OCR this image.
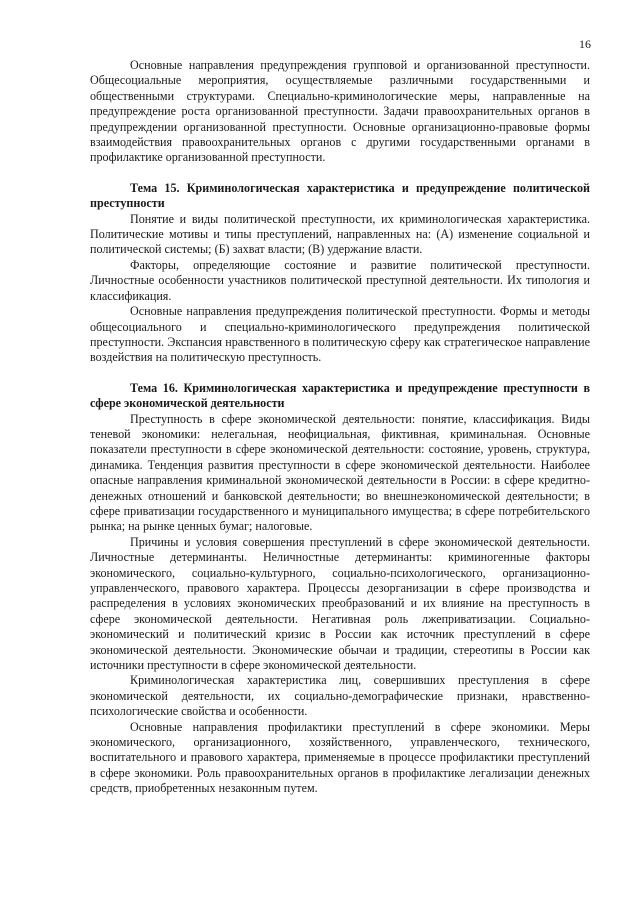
16

Основные направления предупреждения групповой и организованной преступности. Общесоциальные мероприятия, осуществляемые различными государственными и общественными структурами. Специально-криминологические меры, направленные на предупреждение роста организованной преступности. Задачи правоохранительных органов в предупреждении организованной преступности. Основные организационно-правовые формы взаимодействия правоохранительных органов с другими государственными органами в профилактике организованной преступности.

Тема 15. Криминологическая характеристика и предупреждение политической преступности

Понятие и виды политической преступности, их криминологическая характеристика. Политические мотивы и типы преступлений, направленных на: (А) изменение социальной и политической системы; (Б) захват власти; (В) удержание власти.

Факторы, определяющие состояние и развитие политической преступности. Личностные особенности участников политической преступной деятельности. Их типология и классификация.

Основные направления предупреждения политической преступности. Формы и методы общесоциального и специально-криминологического предупреждения политической преступности. Экспансия нравственного в политическую сферу как стратегическое направление воздействия на политическую преступность.

Тема 16. Криминологическая характеристика и предупреждение преступности в сфере экономической деятельности

Преступность в сфере экономической деятельности: понятие, классификация. Виды теневой экономики: нелегальная, неофициальная, фиктивная, криминальная. Основные показатели преступности в сфере экономической деятельности: состояние, уровень, структура, динамика. Тенденция развития преступности в сфере экономической деятельности. Наиболее опасные направления криминальной экономической деятельности в России: в сфере кредитно-денежных отношений и банковской деятельности; во внешнеэкономической деятельности; в сфере приватизации государственного и муниципального имущества; в сфере потребительского рынка; на рынке ценных бумаг; налоговые.

Причины и условия совершения преступлений в сфере экономической деятельности. Личностные детерминанты. Неличностные детерминанты: криминогенные факторы экономического, социально-культурного, социально-психологического, организационно-управленческого, правового характера. Процессы дезорганизации в сфере производства и распределения в условиях экономических преобразований и их влияние на преступность в сфере экономической деятельности. Негативная роль лжеприватизации. Социально-экономический и политический кризис в России как источник преступлений в сфере экономической деятельности. Экономические обычаи и традиции, стереотипы в России как источники преступности в сфере экономической деятельности.

Криминологическая характеристика лиц, совершивших преступления в сфере экономической деятельности, их социально-демографические признаки, нравственно-психологические свойства и особенности.

Основные направления профилактики преступлений в сфере экономики. Меры экономического, организационного, хозяйственного, управленческого, технического, воспитательного и правового характера, применяемые в процессе профилактики преступлений в сфере экономики. Роль правоохранительных органов в профилактике легализации денежных средств, приобретенных незаконным путем.
